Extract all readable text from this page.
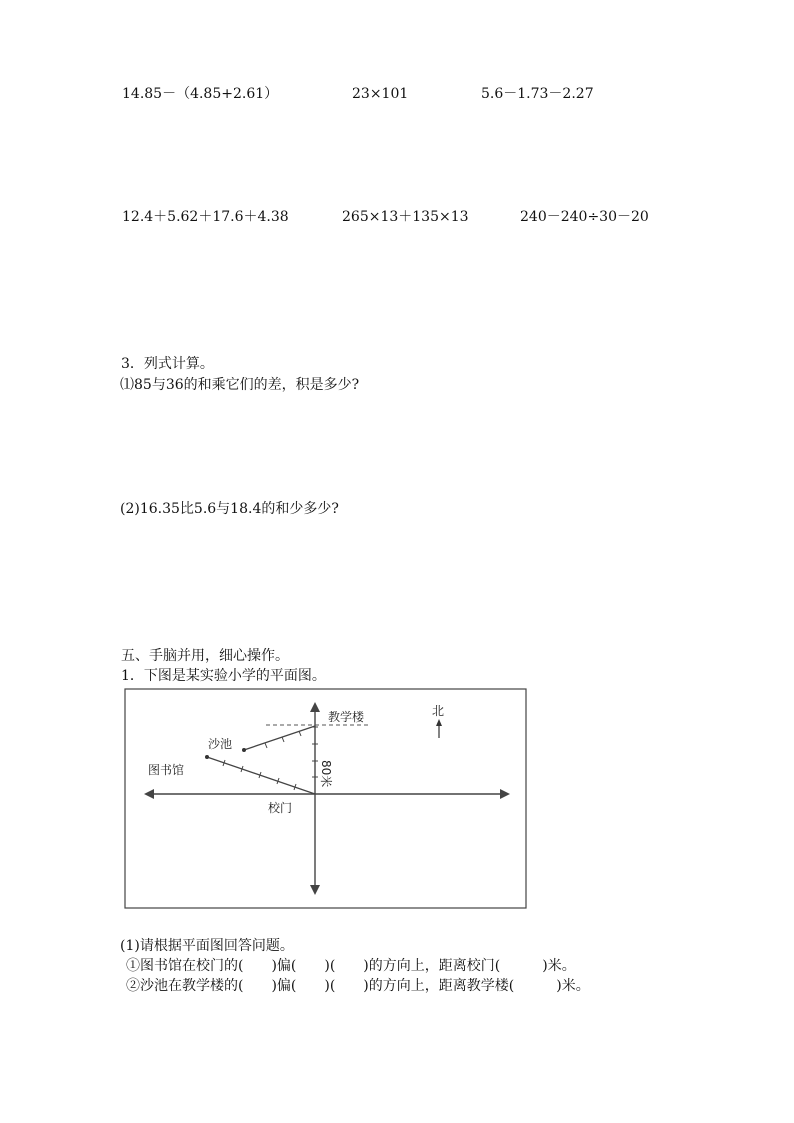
14.85－（4.85+2.61）	23×101	5.6－1.73－2.27
12.4＋5.62＋17.6＋4.38	265×13＋135×13	240－240÷30－20
3．列式计算。
⑴85与36的和乘它们的差，积是多少?
(2)16.35比5.6与18.4的和少多少?
五、手脑并用，细心操作。
1．下图是某实验小学的平面图。
教学楼	北
沙池
图书馆	80米
校门
(1)请根据平面图回答问题。
①图书馆在校门的(　　)偏(　　)(　　)的方向上，距离校门(　　　)米。
②沙池在教学楼的(　　)偏(　　)(　　)的方向上，距离教学楼(　　　)米。
